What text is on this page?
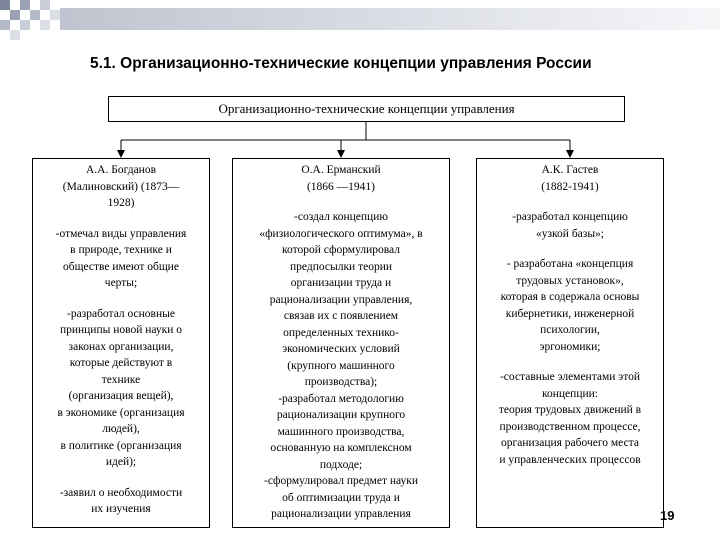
5.1. Организационно-технические концепции управления России
Организационно-технические концепции управления
А.А. Богданов
(Малиновский) (1873—
1928)
-отмечал виды управления
в природе, технике и
обществе имеют общие
черты;
-разработал основные
принципы новой науки о
законах организации,
которые действуют в
технике
(организация вещей),
в экономике (организация
людей),
в политике (организация
идей);
-заявил о необходимости
их изучения
О.А. Ерманский
(1866 —1941)
-создал концепцию
«физиологического оптимума», в
которой сформулировал
предпосылки теории
организации труда и
рационализации управления,
связав их с появлением
определенных технико-
экономических условий
(крупного машинного
производства);
-разработал методологию
рационализации крупного
машинного производства,
основанную на комплексном
подходе;
-сформулировал предмет науки
об оптимизации труда и
рационализации управления
А.К. Гастев
(1882-1941)
-разработал концепцию
«узкой базы»;
- разработана «концепция
трудовых установок»,
которая в содержала основы
кибернетики, инженерной
психологии,
эргономики;
-составные элементами этой
концепции:
теория трудовых движений в
производственном процессе,
организация рабочего места
и управленческих процессов
19
